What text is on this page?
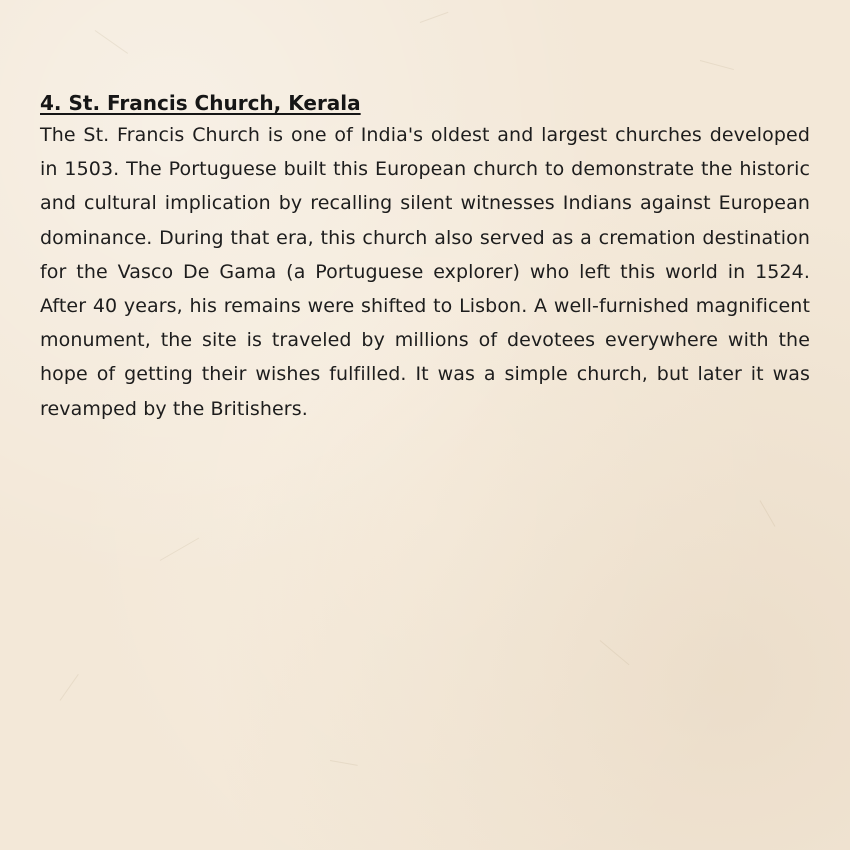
4. St. Francis Church, Kerala

The St. Francis Church is one of India's oldest and largest churches developed in 1503. The Portuguese built this European church to demonstrate the historic and cultural implication by recalling silent witnesses Indians against European dominance. During that era, this church also served as a cremation destination for the Vasco De Gama (a Portuguese explorer) who left this world in 1524. After 40 years, his remains were shifted to Lisbon. A well-furnished magnificent monument, the site is traveled by millions of devotees everywhere with the hope of getting their wishes fulfilled. It was a simple church, but later it was revamped by the Britishers.
